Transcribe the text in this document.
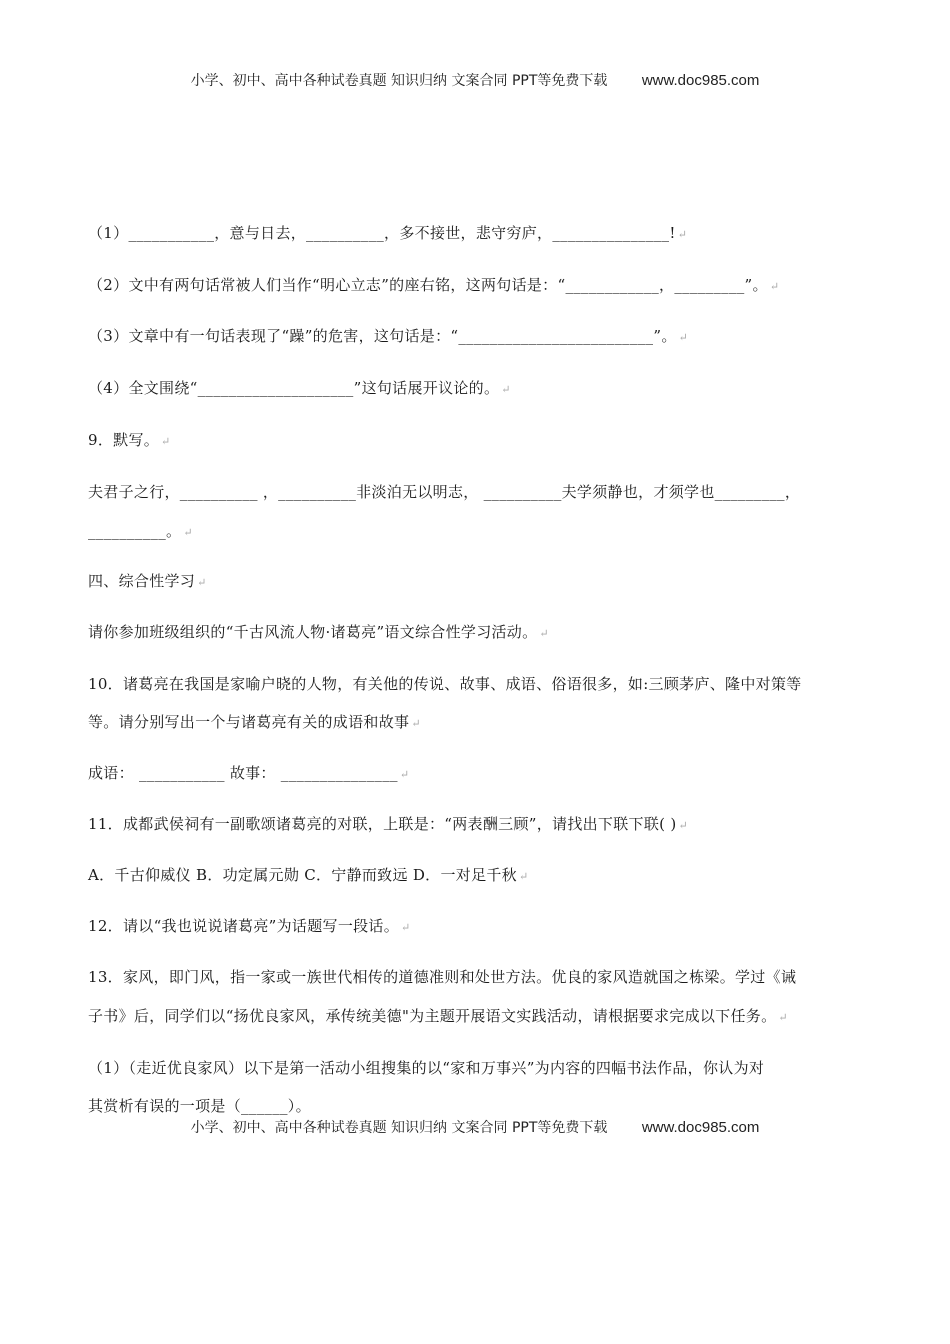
小学、初中、高中各种试卷真题 知识归纳 文案合同 PPT等免费下载 www.doc985.com
（1）___________，意与日去，__________，多不接世，悲守穷庐，_______________! ↵
（2）文中有两句话常被人们当作“明心立志”的座右铭，这两句话是：“____________，_________”。 ↵
（3）文章中有一句话表现了“躁”的危害，这句话是：“_________________________”。 ↵
（4）全文围绕“____________________”这句话展开议论的。 ↵
9．默写。 ↵
夫君子之行，__________ ，__________非淡泊无以明志， __________夫学须静也，才须学也_________，
__________。 ↵
四、综合性学习 ↵
请你参加班级组织的“千古风流人物·诸葛亮”语文综合性学习活动。 ↵
10．诸葛亮在我国是家喻户晓的人物，有关他的传说、故事、成语、俗语很多，如:三顾茅庐、隆中对策等
等。请分别写出一个与诸葛亮有关的成语和故事 ↵
成语： ___________ 故事： _______________ ↵
11．成都武侯祠有一副歌颂诸葛亮的对联，上联是：“两表酬三顾”，请找出下联下联( ) ↵
A．千古仰威仪 B．功定属元勋 C．宁静而致远 D．一对足千秋 ↵
12．请以“我也说说诸葛亮”为话题写一段话。 ↵
13．家风，即门风，指一家或一族世代相传的道德准则和处世方法。优良的家风造就国之栋梁。学过《诫
子书》后，同学们以“扬优良家风，承传统美德"为主题开展语文实践活动，请根据要求完成以下任务。 ↵
（1）（走近优良家风）以下是第一活动小组搜集的以“家和万事兴”为内容的四幅书法作品，你认为对
其赏析有误的一项是（______）。
小学、初中、高中各种试卷真题 知识归纳 文案合同 PPT等免费下载 www.doc985.com
